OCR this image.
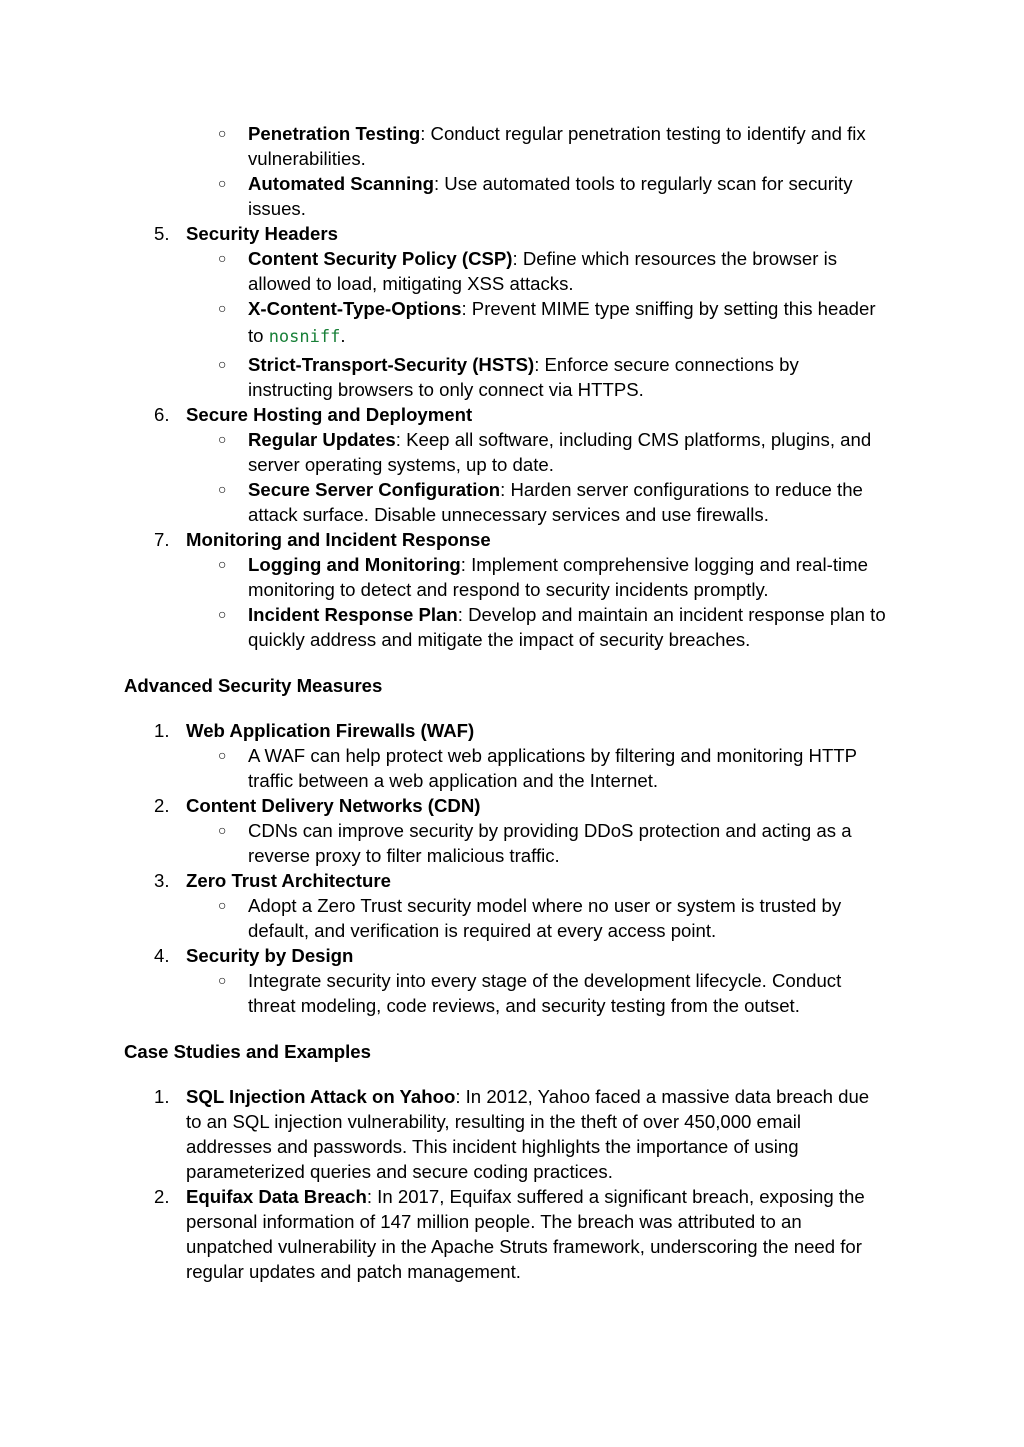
○ Penetration Testing: Conduct regular penetration testing to identify and fix
vulnerabilities.
○ Automated Scanning: Use automated tools to regularly scan for security
issues.
5. Security Headers
○ Content Security Policy (CSP): Define which resources the browser is
allowed to load, mitigating XSS attacks.
○ X-Content-Type-Options: Prevent MIME type sniffing by setting this header
to nosniff.
○ Strict-Transport-Security (HSTS): Enforce secure connections by
instructing browsers to only connect via HTTPS.
6. Secure Hosting and Deployment
○ Regular Updates: Keep all software, including CMS platforms, plugins, and
server operating systems, up to date.
○ Secure Server Configuration: Harden server configurations to reduce the
attack surface. Disable unnecessary services and use firewalls.
7. Monitoring and Incident Response
○ Logging and Monitoring: Implement comprehensive logging and real-time
monitoring to detect and respond to security incidents promptly.
○ Incident Response Plan: Develop and maintain an incident response plan to
quickly address and mitigate the impact of security breaches.
Advanced Security Measures
1. Web Application Firewalls (WAF)
○ A WAF can help protect web applications by filtering and monitoring HTTP
traffic between a web application and the Internet.
2. Content Delivery Networks (CDN)
○ CDNs can improve security by providing DDoS protection and acting as a
reverse proxy to filter malicious traffic.
3. Zero Trust Architecture
○ Adopt a Zero Trust security model where no user or system is trusted by
default, and verification is required at every access point.
4. Security by Design
○ Integrate security into every stage of the development lifecycle. Conduct
threat modeling, code reviews, and security testing from the outset.
Case Studies and Examples
1. SQL Injection Attack on Yahoo: In 2012, Yahoo faced a massive data breach due
to an SQL injection vulnerability, resulting in the theft of over 450,000 email
addresses and passwords. This incident highlights the importance of using
parameterized queries and secure coding practices.
2. Equifax Data Breach: In 2017, Equifax suffered a significant breach, exposing the
personal information of 147 million people. The breach was attributed to an
unpatched vulnerability in the Apache Struts framework, underscoring the need for
regular updates and patch management.
